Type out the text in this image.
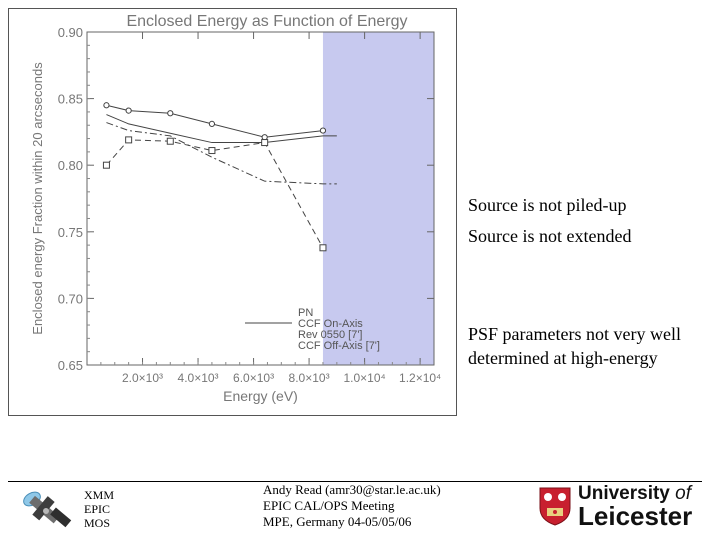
Enclosed Energy as Function of Energy
0.65
0.70
0.75
0.80
0.85
0.90
2.0×10³ 4.0×10³ 6.0×10³ 8.0×10³ 1.0×10⁴ 1.2×10⁴
Energy (eV)
Enclosed energy Fraction within 20 arcseconds	PN
CCF On-Axis
Rev 0550 [7']
CCF Off-Axis [7']
Source is not piled-up
Source is not extended
PSF parameters not very well determined at high-energy
XMM
EPIC
MOS
Andy Read (amr30@star.le.ac.uk)
EPIC CAL/OPS Meeting
MPE, Germany 04-05/05/06
University of
Leicester
